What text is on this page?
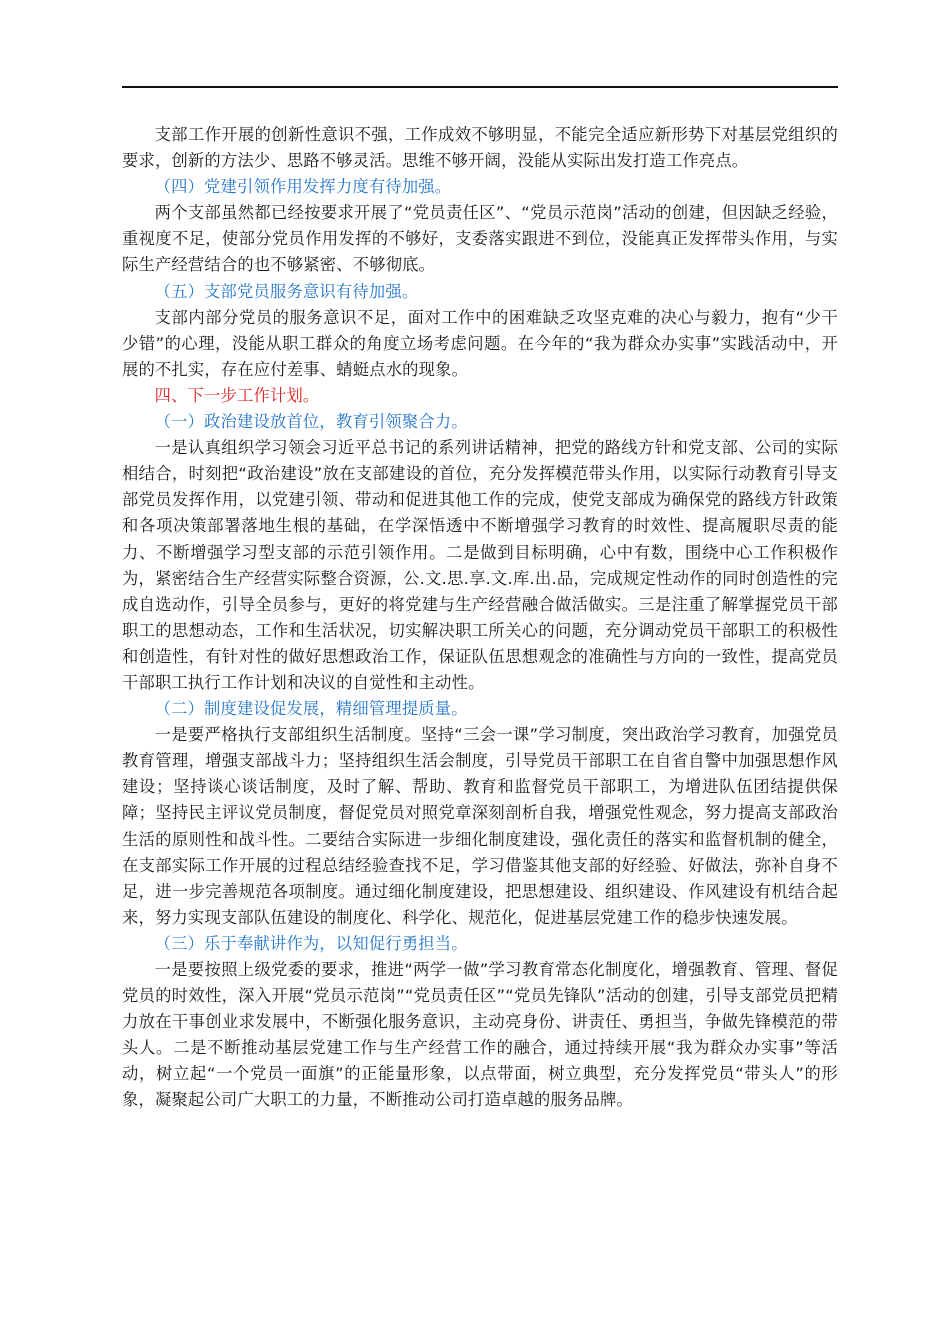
支部工作开展的创新性意识不强，工作成效不够明显，不能完全适应新形势下对基层党组织的要求，创新的方法少、思路不够灵活。思维不够开阔，没能从实际出发打造工作亮点。

（四）党建引领作用发挥力度有待加强。

两个支部虽然都已经按要求开展了“党员责任区”、“党员示范岗”活动的创建，但因缺乏经验，重视度不足，使部分党员作用发挥的不够好，支委落实跟进不到位，没能真正发挥带头作用，与实际生产经营结合的也不够紧密、不够彻底。

（五）支部党员服务意识有待加强。

支部内部分党员的服务意识不足，面对工作中的困难缺乏攻坚克难的决心与毅力，抱有“少干少错”的心理，没能从职工群众的角度立场考虑问题。在今年的“我为群众办实事”实践活动中，开展的不扎实，存在应付差事、蜻蜓点水的现象。

四、下一步工作计划。

（一）政治建设放首位，教育引领聚合力。

一是认真组织学习领会习近平总书记的系列讲话精神，把党的路线方针和党支部、公司的实际相结合，时刻把“政治建设”放在支部建设的首位，充分发挥模范带头作用，以实际行动教育引导支部党员发挥作用，以党建引领、带动和促进其他工作的完成，使党支部成为确保党的路线方针政策和各项决策部署落地生根的基础，在学深悟透中不断增强学习教育的时效性、提高履职尽责的能力、不断增强学习型支部的示范引领作用。二是做到目标明确，心中有数，围绕中心工作积极作为，紧密结合生产经营实际整合资源，公.文.思.享.文.库.出.品，完成规定性动作的同时创造性的完成自选动作，引导全员参与，更好的将党建与生产经营融合做活做实。三是注重了解掌握党员干部职工的思想动态，工作和生活状况，切实解决职工所关心的问题，充分调动党员干部职工的积极性和创造性，有针对性的做好思想政治工作，保证队伍思想观念的准确性与方向的一致性，提高党员干部职工执行工作计划和决议的自觉性和主动性。

（二）制度建设促发展，精细管理提质量。

一是要严格执行支部组织生活制度。坚持“三会一课”学习制度，突出政治学习教育，加强党员教育管理，增强支部战斗力；坚持组织生活会制度，引导党员干部职工在自省自警中加强思想作风建设；坚持谈心谈话制度，及时了解、帮助、教育和监督党员干部职工，为增进队伍团结提供保障；坚持民主评议党员制度，督促党员对照党章深刻剖析自我，增强党性观念，努力提高支部政治生活的原则性和战斗性。二要结合实际进一步细化制度建设，强化责任的落实和监督机制的健全，在支部实际工作开展的过程总结经验查找不足，学习借鉴其他支部的好经验、好做法，弥补自身不足，进一步完善规范各项制度。通过细化制度建设，把思想建设、组织建设、作风建设有机结合起来，努力实现支部队伍建设的制度化、科学化、规范化，促进基层党建工作的稳步快速发展。

（三）乐于奉献讲作为，以知促行勇担当。

一是要按照上级党委的要求，推进“两学一做”学习教育常态化制度化，增强教育、管理、督促党员的时效性，深入开展“党员示范岗”“党员责任区”“党员先锋队”活动的创建，引导支部党员把精力放在干事创业求发展中，不断强化服务意识，主动亮身份、讲责任、勇担当，争做先锋模范的带头人。二是不断推动基层党建工作与生产经营工作的融合，通过持续开展“我为群众办实事”等活动，树立起“一个党员一面旗”的正能量形象，以点带面，树立典型，充分发挥党员“带头人”的形象，凝聚起公司广大职工的力量，不断推动公司打造卓越的服务品牌。
